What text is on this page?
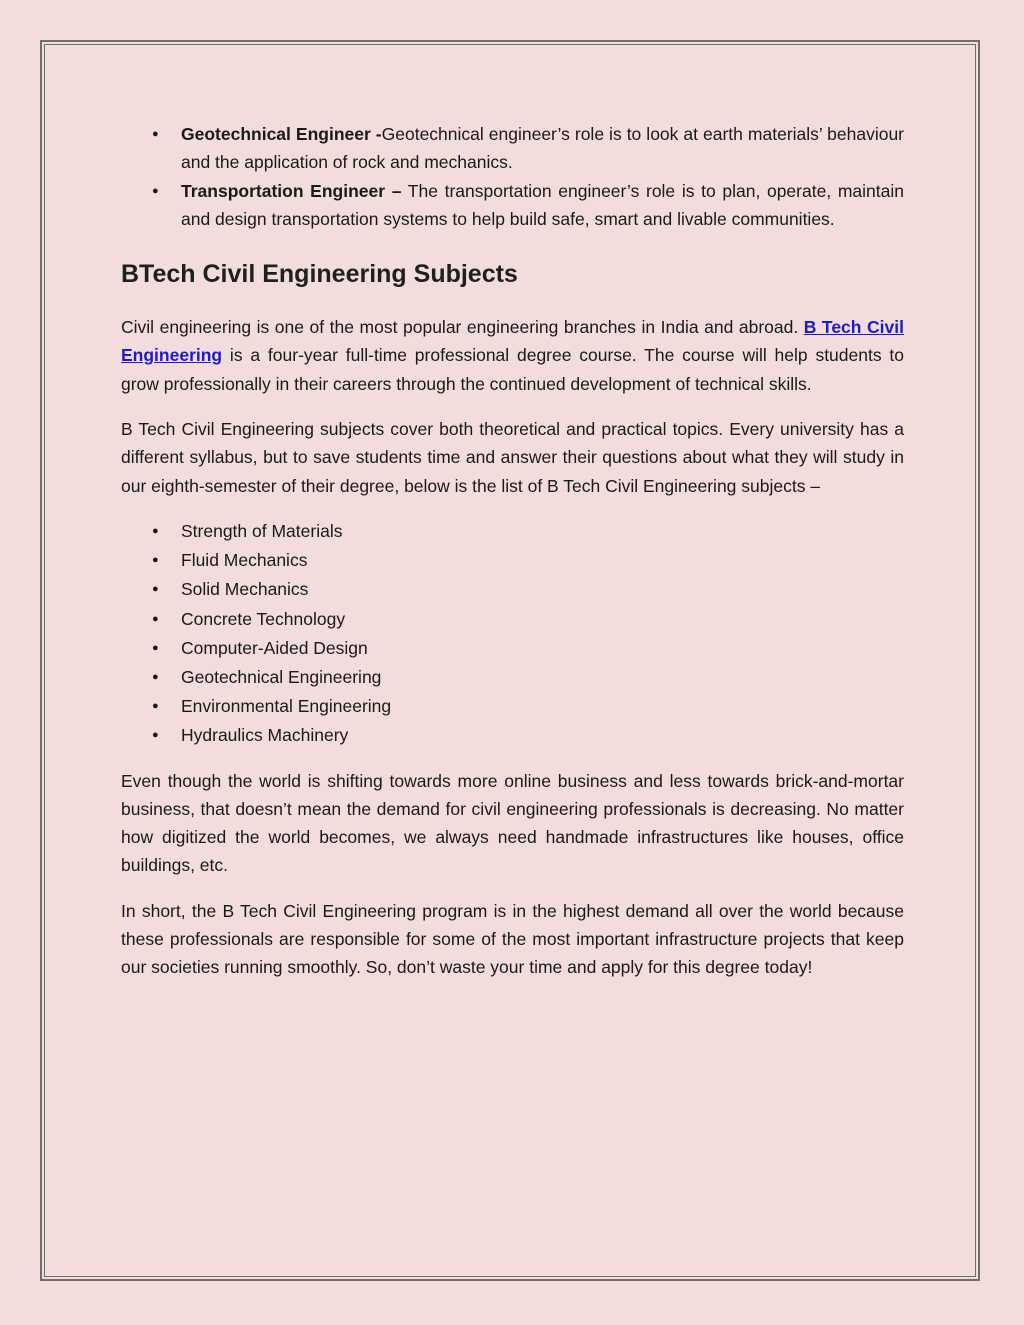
● Geotechnical Engineer -Geotechnical engineer’s role is to look at earth materials’ behaviour and the application of rock and mechanics.
● Transportation Engineer – The transportation engineer’s role is to plan, operate, maintain and design transportation systems to help build safe, smart and livable communities.
BTech Civil Engineering Subjects

Civil engineering is one of the most popular engineering branches in India and abroad. B Tech Civil Engineering is a four-year full-time professional degree course. The course will help students to grow professionally in their careers through the continued development of technical skills.

B Tech Civil Engineering subjects cover both theoretical and practical topics. Every university has a different syllabus, but to save students time and answer their questions about what they will study in our eighth-semester of their degree, below is the list of B Tech Civil Engineering subjects –

● Strength of Materials
● Fluid Mechanics
● Solid Mechanics
● Concrete Technology
● Computer-Aided Design
● Geotechnical Engineering
● Environmental Engineering
● Hydraulics Machinery

Even though the world is shifting towards more online business and less towards brick-and-mortar business, that doesn’t mean the demand for civil engineering professionals is decreasing. No matter how digitized the world becomes, we always need handmade infrastructures like houses, office buildings, etc.

In short, the B Tech Civil Engineering program is in the highest demand all over the world because these professionals are responsible for some of the most important infrastructure projects that keep our societies running smoothly. So, don’t waste your time and apply for this degree today!
